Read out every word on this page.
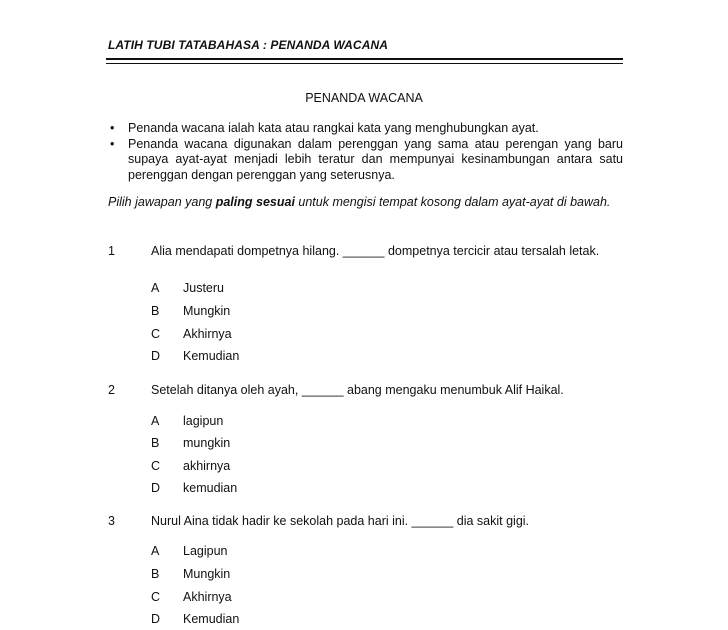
LATIH TUBI TATABAHASA : PENANDA WACANA
PENANDA WACANA
•	Penanda wacana ialah kata atau rangkai kata yang menghubungkan ayat.
•	Penanda wacana digunakan dalam perenggan yang sama atau perengan yang baru supaya ayat-ayat menjadi lebih teratur dan mempunyai kesinambungan antara satu perenggan dengan perenggan yang seterusnya.
Pilih jawapan yang paling sesuai untuk mengisi tempat kosong dalam ayat-ayat di bawah.
1	Alia mendapati dompetnya hilang. ______ dompetnya tercicir atau tersalah letak.
A Justeru
B Mungkin
C Akhirnya
D Kemudian
2	Setelah ditanya oleh ayah, ______ abang mengaku menumbuk Alif Haikal.
A lagipun
B mungkin
C akhirnya
D kemudian
3	Nurul Aina tidak hadir ke sekolah pada hari ini. ______ dia sakit gigi.
A Lagipun
B Mungkin
C Akhirnya
D Kemudian
